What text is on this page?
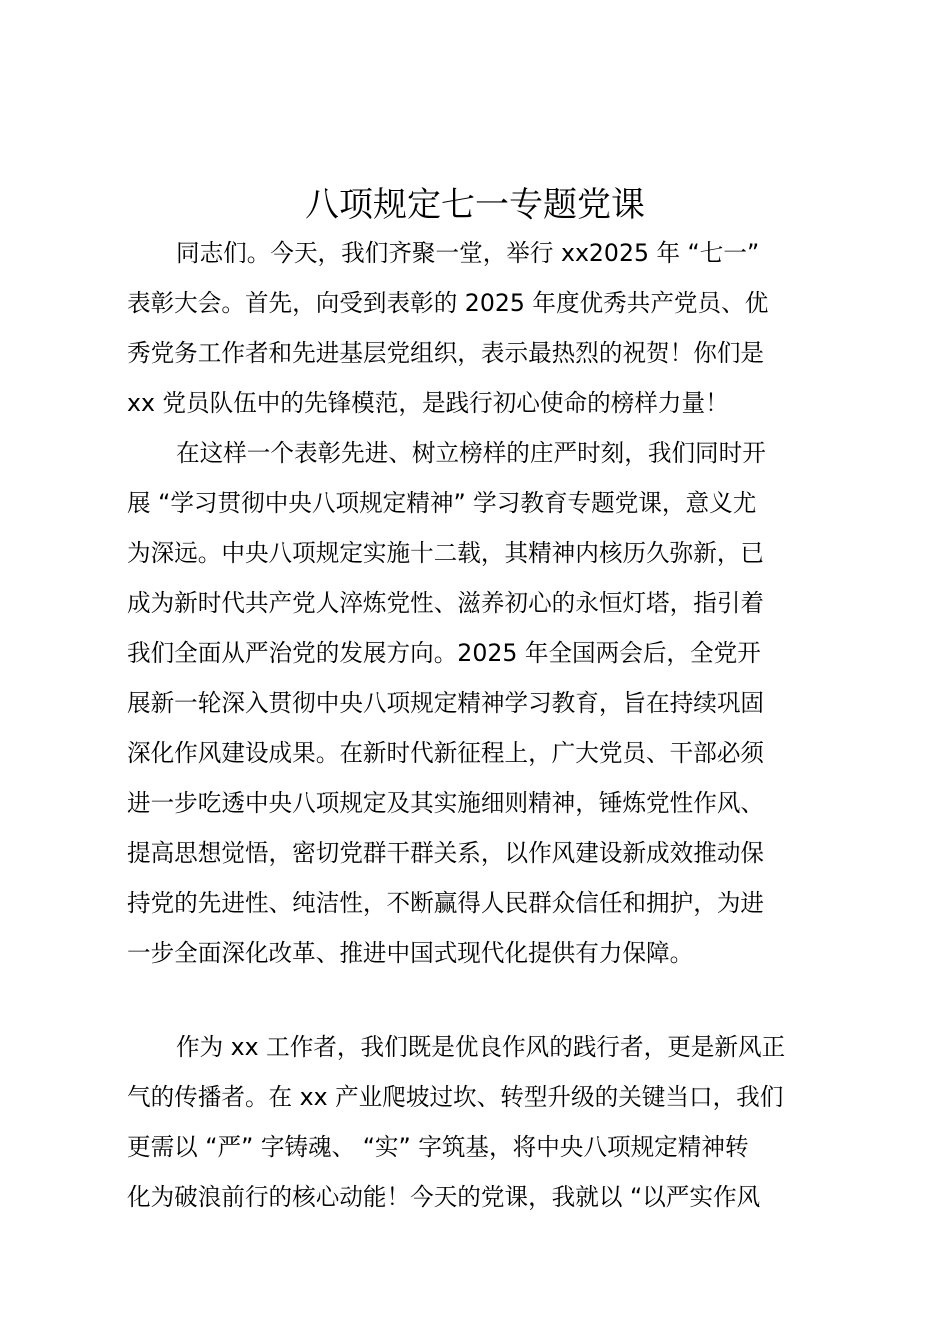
八项规定七一专题党课

同志们。今天，我们齐聚一堂，举行 xx2025 年 “七一”

表彰大会。首先，向受到表彰的 2025 年度优秀共产党员、优

秀党务工作者和先进基层党组织，表示最热烈的祝贺！你们是

xx 党员队伍中的先锋模范，是践行初心使命的榜样力量！

在这样一个表彰先进、树立榜样的庄严时刻，我们同时开

展 “学习贯彻中央八项规定精神” 学习教育专题党课，意义尤

为深远。中央八项规定实施十二载，其精神内核历久弥新，已

成为新时代共产党人淬炼党性、滋养初心的永恒灯塔，指引着

我们全面从严治党的发展方向。2025 年全国两会后，全党开

展新一轮深入贯彻中央八项规定精神学习教育，旨在持续巩固

深化作风建设成果。在新时代新征程上，广大党员、干部必须

进一步吃透中央八项规定及其实施细则精神，锤炼党性作风、

提高思想觉悟，密切党群干群关系，以作风建设新成效推动保

持党的先进性、纯洁性，不断赢得人民群众信任和拥护，为进

一步全面深化改革、推进中国式现代化提供有力保障。

作为 xx 工作者，我们既是优良作风的践行者，更是新风正

气的传播者。在 xx 产业爬坡过坎、转型升级的关键当口，我们

更需以 “严” 字铸魂、 “实” 字筑基，将中央八项规定精神转

化为破浪前行的核心动能！今天的党课，我就以 “以严实作风
